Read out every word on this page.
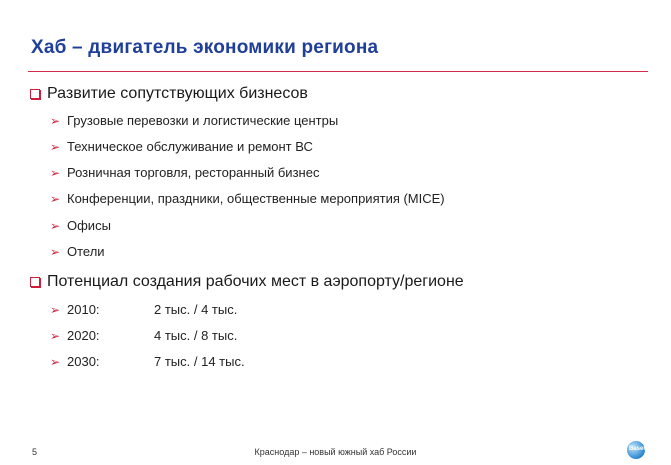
Хаб – двигатель экономики региона
Развитие сопутствующих бизнесов
➢ Грузовые перевозки и логистические центры
➢ Техническое обслуживание и ремонт ВС
➢ Розничная торговля, ресторанный бизнес
➢ Конференции, праздники, общественные мероприятия (MICE)
➢ Офисы
➢ Отели
Потенциал создания рабочих мест в аэропорту/регионе
➢ 2010:	2 тыс. / 4 тыс.
➢ 2020:	4 тыс. / 8 тыс.
➢ 2030:	7 тыс. / 14 тыс.
5	Краснодар – новый южный хаб России	Basel
